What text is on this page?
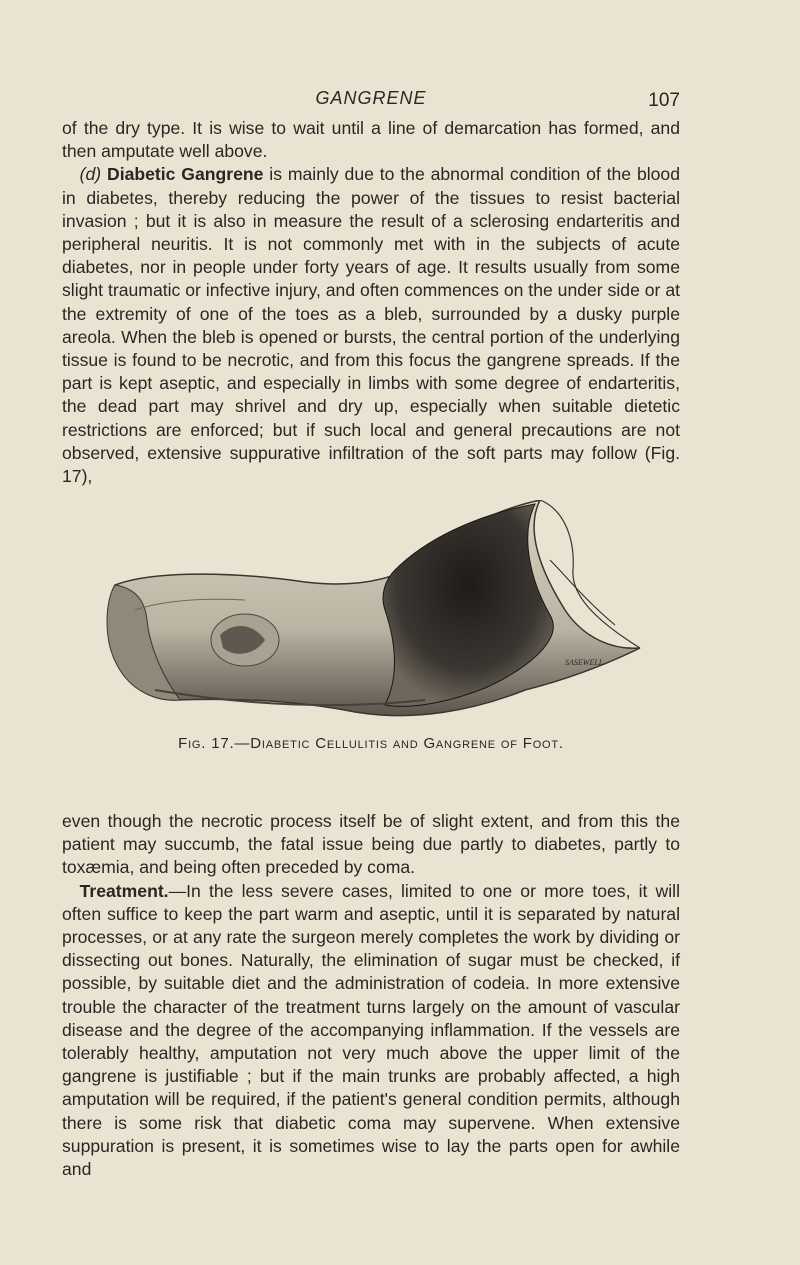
GANGRENE	107

of the dry type. It is wise to wait until a line of demarcation has formed, and then amputate well above.

 (d) Diabetic Gangrene is mainly due to the abnormal condition of the blood in diabetes, thereby reducing the power of the tissues to resist bacterial invasion ; but it is also in measure the result of a sclerosing endarteritis and peripheral neuritis. It is not commonly met with in the subjects of acute diabetes, nor in people under forty years of age. It results usually from some slight traumatic or infective injury, and often commences on the under side or at the extremity of one of the toes as a bleb, surrounded by a dusky purple areola. When the bleb is opened or bursts, the central portion of the underlying tissue is found to be necrotic, and from this focus the gangrene spreads. If the part is kept aseptic, and especially in limbs with some degree of endarteritis, the dead part may shrivel and dry up, especially when suitable dietetic restrictions are enforced; but if such local and general precautions are not observed, extensive suppurative infiltration of the soft parts may follow (Fig. 17),

SASEWELL.
Fig. 17.—Diabetic Cellulitis and Gangrene of Foot.

even though the necrotic process itself be of slight extent, and from this the patient may succumb, the fatal issue being due partly to diabetes, partly to toxæmia, and being often preceded by coma.

 Treatment.—In the less severe cases, limited to one or more toes, it will often suffice to keep the part warm and aseptic, until it is separated by natural processes, or at any rate the surgeon merely completes the work by dividing or dissecting out bones. Naturally, the elimination of sugar must be checked, if possible, by suitable diet and the administration of codeia. In more extensive trouble the character of the treatment turns largely on the amount of vascular disease and the degree of the accompanying inflammation. If the vessels are tolerably healthy, amputation not very much above the upper limit of the gangrene is justifiable ; but if the main trunks are probably affected, a high amputation will be required, if the patient's general condition permits, although there is some risk that diabetic coma may supervene. When extensive suppuration is present, it is sometimes wise to lay the parts open for awhile and
